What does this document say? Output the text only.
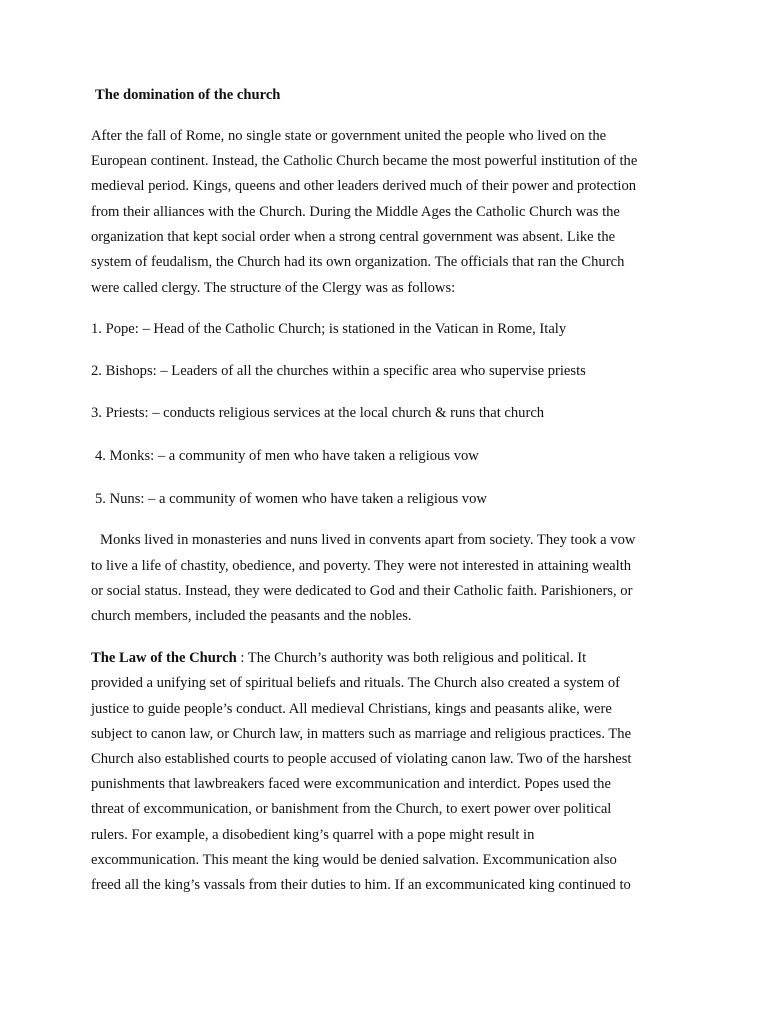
The domination of the church
After the fall of Rome, no single state or government united the people who lived on the
European continent. Instead, the Catholic Church became the most powerful institution of the
medieval period. Kings, queens and other leaders derived much of their power and protection
from their alliances with the Church. During the Middle Ages the Catholic Church was the
organization that kept social order when a strong central government was absent. Like the
system of feudalism, the Church had its own organization. The officials that ran the Church
were called clergy. The structure of the Clergy was as follows:
1. Pope: – Head of the Catholic Church; is stationed in the Vatican in Rome, Italy
2. Bishops: – Leaders of all the churches within a specific area who supervise priests
3. Priests: – conducts religious services at the local church & runs that church
4. Monks: – a community of men who have taken a religious vow
5. Nuns: – a community of women who have taken a religious vow
Monks lived in monasteries and nuns lived in convents apart from society. They took a vow
to live a life of chastity, obedience, and poverty. They were not interested in attaining wealth
or social status. Instead, they were dedicated to God and their Catholic faith. Parishioners, or
church members, included the peasants and the nobles.
The Law of the Church : The Church’s authority was both religious and political. It
provided a unifying set of spiritual beliefs and rituals. The Church also created a system of
justice to guide people’s conduct. All medieval Christians, kings and peasants alike, were
subject to canon law, or Church law, in matters such as marriage and religious practices. The
Church also established courts to people accused of violating canon law. Two of the harshest
punishments that lawbreakers faced were excommunication and interdict. Popes used the
threat of excommunication, or banishment from the Church, to exert power over political
rulers. For example, a disobedient king’s quarrel with a pope might result in
excommunication. This meant the king would be denied salvation. Excommunication also
freed all the king’s vassals from their duties to him. If an excommunicated king continued to
